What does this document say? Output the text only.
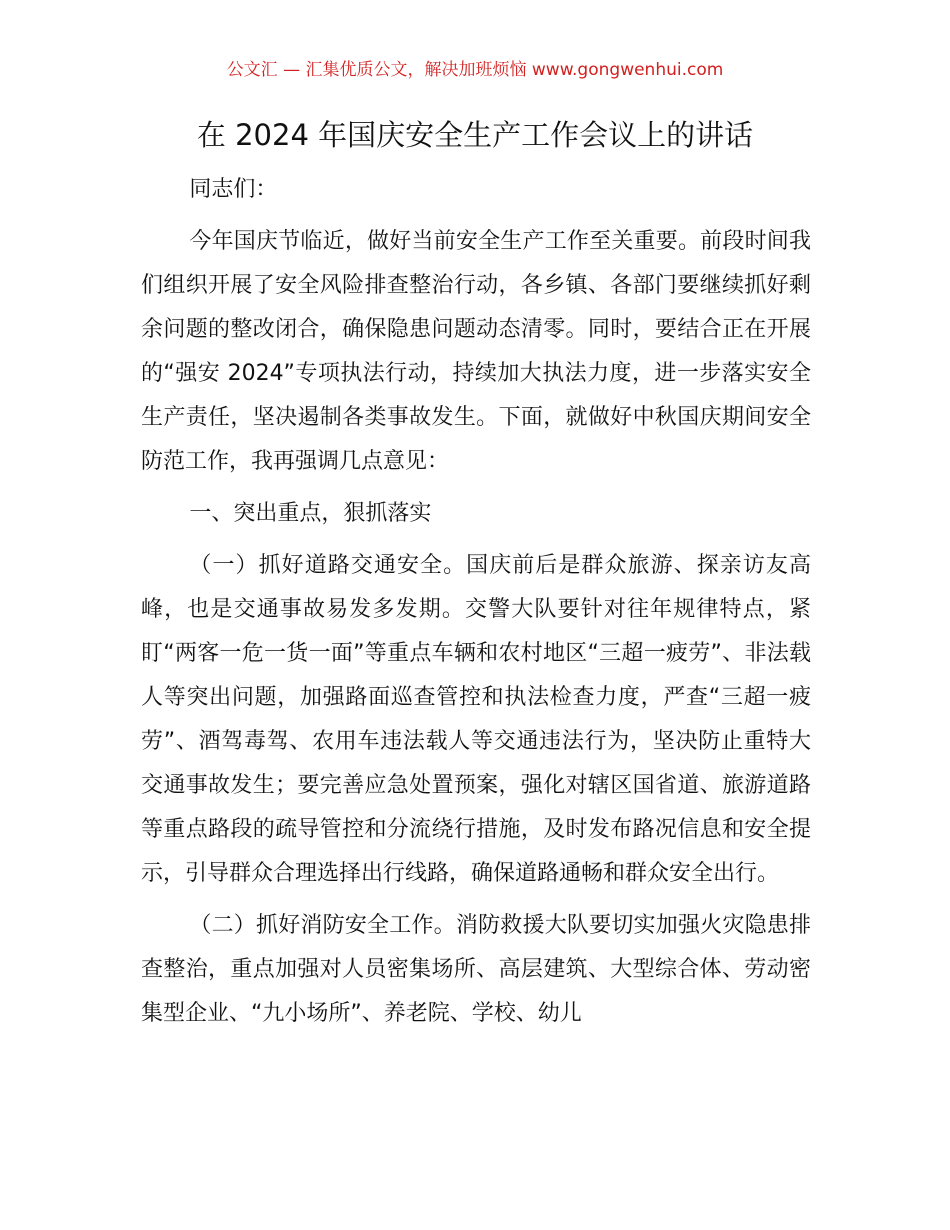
公文汇 — 汇集优质公文，解决加班烦恼 www.gongwenhui.com
在 2024 年国庆安全生产工作会议上的讲话

同志们：

今年国庆节临近，做好当前安全生产工作至关重要。前段时间我们组织开展了安全风险排查整治行动，各乡镇、各部门要继续抓好剩余问题的整改闭合，确保隐患问题动态清零。同时，要结合正在开展的“强安 2024”专项执法行动，持续加大执法力度，进一步落实安全生产责任，坚决遏制各类事故发生。下面，就做好中秋国庆期间安全防范工作，我再强调几点意见：

一、突出重点，狠抓落实

（一）抓好道路交通安全。国庆前后是群众旅游、探亲访友高峰，也是交通事故易发多发期。交警大队要针对往年规律特点，紧盯“两客一危一货一面”等重点车辆和农村地区“三超一疲劳”、非法载人等突出问题，加强路面巡查管控和执法检查力度，严查“三超一疲劳”、酒驾毒驾、农用车违法载人等交通违法行为，坚决防止重特大交通事故发生；要完善应急处置预案，强化对辖区国省道、旅游道路等重点路段的疏导管控和分流绕行措施，及时发布路况信息和安全提示，引导群众合理选择出行线路，确保道路通畅和群众安全出行。

（二）抓好消防安全工作。消防救援大队要切实加强火灾隐患排查整治，重点加强对人员密集场所、高层建筑、大型综合体、劳动密集型企业、“九小场所”、养老院、学校、幼儿
